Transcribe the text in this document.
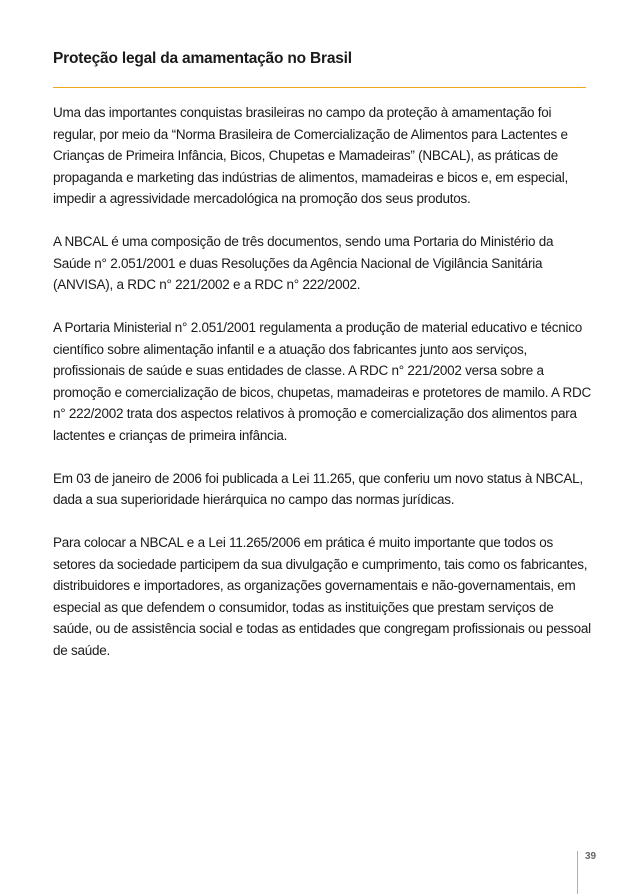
Proteção legal da amamentação no Brasil

Uma das importantes conquistas brasileiras no campo da proteção à amamentação foi regular, por meio da “Norma Brasileira de Comercialização de Alimentos para Lactentes e Crianças de Primeira Infância, Bicos, Chupetas e Mamadeiras” (NBCAL), as práticas de propaganda e marketing das indústrias de alimentos, mamadeiras e bicos e, em especial, impedir a agressividade mercadológica na promoção dos seus produtos.

A NBCAL é uma composição de três documentos, sendo uma Portaria do Ministério da Saúde n° 2.051/2001 e duas Resoluções da Agência Nacional de Vigilância Sanitária (ANVISA), a RDC n° 221/2002 e a RDC n° 222/2002.

A Portaria Ministerial n° 2.051/2001 regulamenta a produção de material educativo e técnico científico sobre alimentação infantil e a atuação dos fabricantes junto aos serviços, profissionais de saúde e suas entidades de classe. A RDC n° 221/2002 versa sobre a promoção e comercialização de bicos, chupetas, mamadeiras e protetores de mamilo. A RDC n° 222/2002 trata dos aspectos relativos à promoção e comercialização dos alimentos para lactentes e crianças de primeira infância.

Em 03 de janeiro de 2006 foi publicada a Lei 11.265, que conferiu um novo status à NBCAL, dada a sua superioridade hierárquica no campo das normas jurídicas.

Para colocar a NBCAL e a Lei 11.265/2006 em prática é muito importante que todos os setores da sociedade participem da sua divulgação e cumprimento, tais como os fabricantes, distribuidores e importadores, as organizações governamentais e não-governamentais, em especial as que defendem o consumidor, todas as instituições que prestam serviços de saúde, ou de assistência social e todas as entidades que congregam profissionais ou pessoal de saúde.

39
